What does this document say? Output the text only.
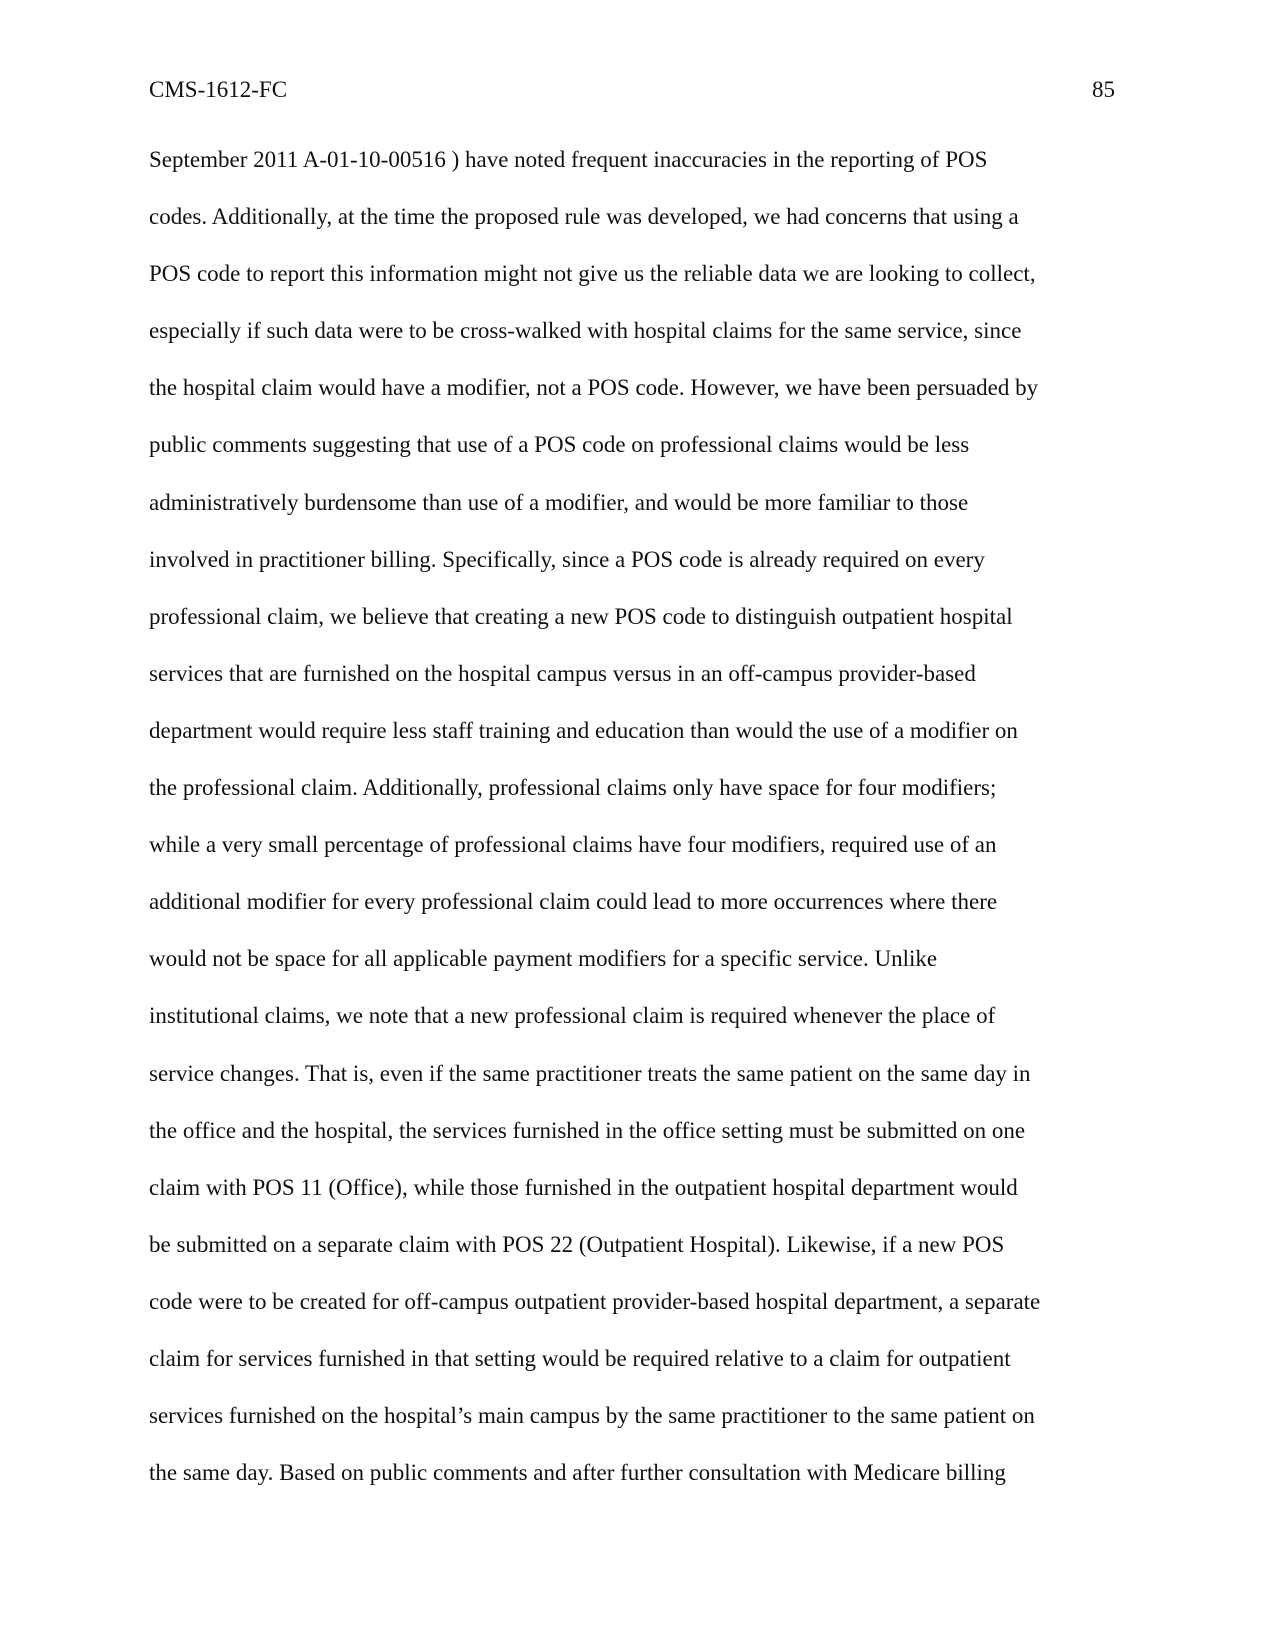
CMS-1612-FC	85
September 2011 A-01-10-00516 ) have noted frequent inaccuracies in the reporting of POS
codes. Additionally, at the time the proposed rule was developed, we had concerns that using a
POS code to report this information might not give us the reliable data we are looking to collect,
especially if such data were to be cross-walked with hospital claims for the same service, since
the hospital claim would have a modifier, not a POS code. However, we have been persuaded by
public comments suggesting that use of a POS code on professional claims would be less
administratively burdensome than use of a modifier, and would be more familiar to those
involved in practitioner billing. Specifically, since a POS code is already required on every
professional claim, we believe that creating a new POS code to distinguish outpatient hospital
services that are furnished on the hospital campus versus in an off-campus provider-based
department would require less staff training and education than would the use of a modifier on
the professional claim. Additionally, professional claims only have space for four modifiers;
while a very small percentage of professional claims have four modifiers, required use of an
additional modifier for every professional claim could lead to more occurrences where there
would not be space for all applicable payment modifiers for a specific service. Unlike
institutional claims, we note that a new professional claim is required whenever the place of
service changes. That is, even if the same practitioner treats the same patient on the same day in
the office and the hospital, the services furnished in the office setting must be submitted on one
claim with POS 11 (Office), while those furnished in the outpatient hospital department would
be submitted on a separate claim with POS 22 (Outpatient Hospital). Likewise, if a new POS
code were to be created for off-campus outpatient provider-based hospital department, a separate
claim for services furnished in that setting would be required relative to a claim for outpatient
services furnished on the hospital’s main campus by the same practitioner to the same patient on
the same day. Based on public comments and after further consultation with Medicare billing
